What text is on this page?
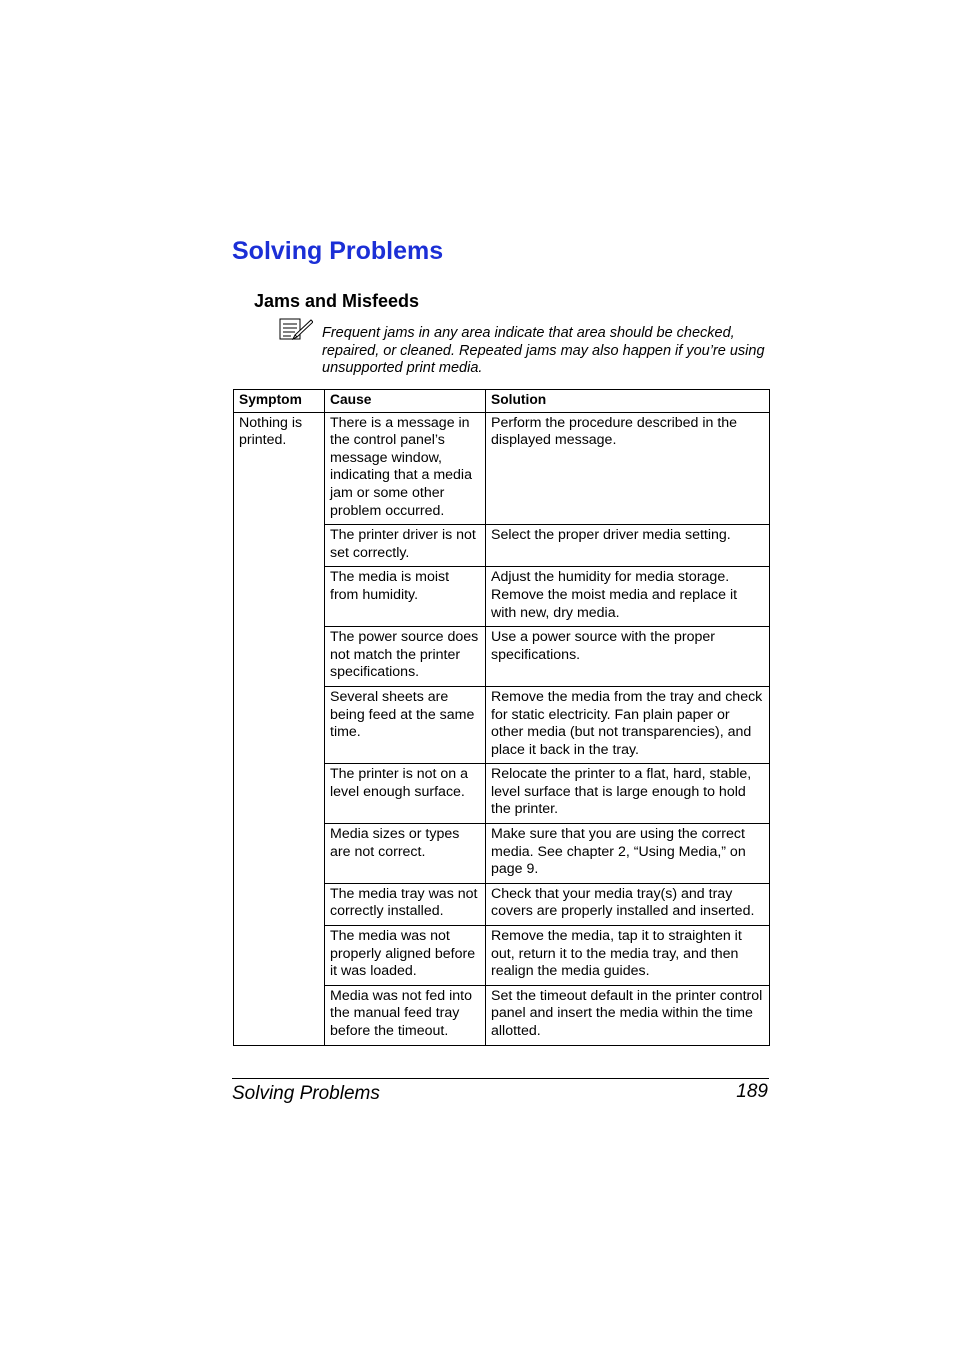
Solving Problems
Jams and Misfeeds
Frequent jams in any area indicate that area should be checked, repaired, or cleaned. Repeated jams may also happen if you’re using unsupported print media.
Symptom	Cause	Solution
Nothing is printed.	There is a message in the control panel’s message window, indicating that a media jam or some other problem occurred.	Perform the procedure described in the displayed message.
	The printer driver is not set correctly.	Select the proper driver media setting.
	The media is moist from humidity.	Adjust the humidity for media storage. Remove the moist media and replace it with new, dry media.
	The power source does not match the printer specifications.	Use a power source with the proper specifications.
	Several sheets are being feed at the same time.	Remove the media from the tray and check for static electricity. Fan plain paper or other media (but not transparencies), and place it back in the tray.
	The printer is not on a level enough surface.	Relocate the printer to a flat, hard, stable, level surface that is large enough to hold the printer.
	Media sizes or types are not correct.	Make sure that you are using the correct media. See chapter 2, “Using Media,” on page 9.
	The media tray was not correctly installed.	Check that your media tray(s) and tray covers are properly installed and inserted.
	The media was not properly aligned before it was loaded.	Remove the media, tap it to straighten it out, return it to the media tray, and then realign the media guides.
	Media was not fed into the manual feed tray before the timeout.	Set the timeout default in the printer control panel and insert the media within the time allotted.
Solving Problems	189
